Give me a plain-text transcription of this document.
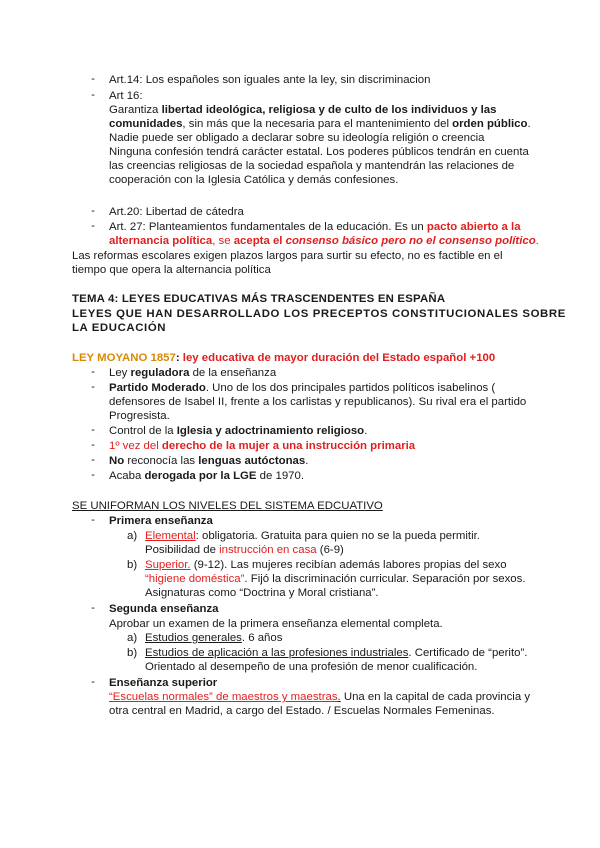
- Art.14: Los españoles son iguales ante la ley, sin discriminacion
- Art 16:
Garantiza libertad ideológica, religiosa y de culto de los individuos y las
comunidades, sin más que la necesaria para el mantenimiento del orden público.
Nadie puede ser obligado a declarar sobre su ideología religión o creencia
Ninguna confesión tendrá carácter estatal. Los poderes públicos tendrán en cuenta
las creencias religiosas de la sociedad española y mantendrán las relaciones de
cooperación con la Iglesia Católica y demás confesiones.
- Art.20: Libertad de cátedra
- Art. 27: Planteamientos fundamentales de la educación. Es un pacto abierto a la
alternancia política, se acepta el consenso básico pero no el consenso político.
Las reformas escolares exigen plazos largos para surtir su efecto, no es factible en el
tiempo que opera la alternancia política
TEMA 4: LEYES EDUCATIVAS MÁS TRASCENDENTES EN ESPAÑA
LEYES QUE HAN DESARROLLADO LOS PRECEPTOS CONSTITUCIONALES SOBRE
LA EDUCACIÓN
LEY MOYANO 1857: ley educativa de mayor duración del Estado español +100
- Ley reguladora de la enseñanza
- Partido Moderado. Uno de los dos principales partidos políticos isabelinos (
defensores de Isabel II, frente a los carlistas y republicanos). Su rival era el partido
Progresista.
- Control de la Iglesia y adoctrinamiento religioso.
- 1º vez del derecho de la mujer a una instrucción primaria
- No reconocía las lenguas autóctonas.
- Acaba derogada por la LGE de 1970.
SE UNIFORMAN LOS NIVELES DEL SISTEMA EDCUATIVO
- Primera enseñanza
a) Elemental: obligatoria. Gratuita para quien no se la pueda permitir.
Posibilidad de instrucción en casa (6-9)
b) Superior. (9-12). Las mujeres recibían además labores propias del sexo
“higiene doméstica”. Fijó la discriminación curricular. Separación por sexos.
Asignaturas como “Doctrina y Moral cristiana”.
- Segunda enseñanza
Aprobar un examen de la primera enseñanza elemental completa.
a) Estudios generales. 6 años
b) Estudios de aplicación a las profesiones industriales. Certificado de “perito”.
Orientado al desempeño de una profesión de menor cualificación.
- Enseñanza superior
“Escuelas normales” de maestros y maestras. Una en la capital de cada provincia y
otra central en Madrid, a cargo del Estado. / Escuelas Normales Femeninas.
